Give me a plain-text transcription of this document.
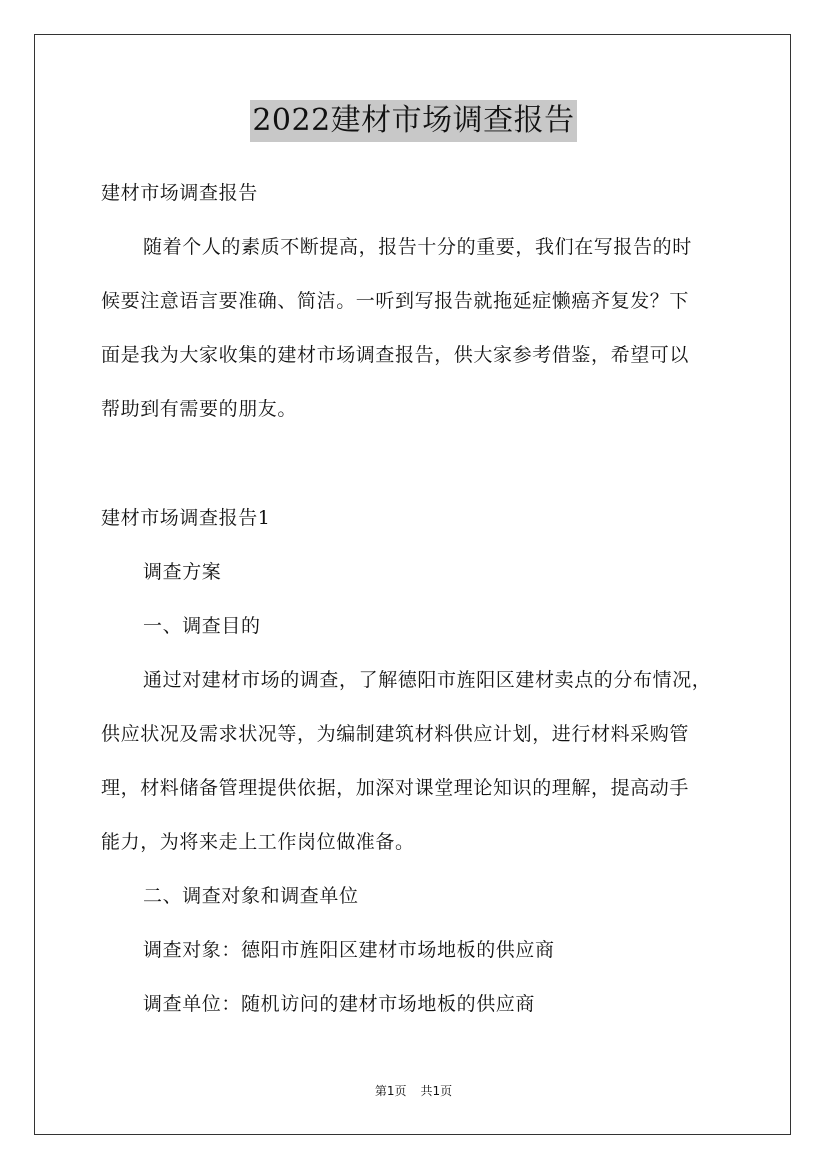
2022建材市场调查报告
建材市场调查报告
随着个人的素质不断提高，报告十分的重要，我们在写报告的时
候要注意语言要准确、简洁。一听到写报告就拖延症懒癌齐复发？下
面是我为大家收集的建材市场调查报告，供大家参考借鉴，希望可以
帮助到有需要的朋友。
建材市场调查报告1
调查方案
一、调查目的
通过对建材市场的调查，了解德阳市旌阳区建材卖点的分布情况，
供应状况及需求状况等，为编制建筑材料供应计划，进行材料采购管
理，材料储备管理提供依据，加深对课堂理论知识的理解，提高动手
能力，为将来走上工作岗位做准备。
二、调查对象和调查单位
调查对象：德阳市旌阳区建材市场地板的供应商
调查单位：随机访问的建材市场地板的供应商
第1页 共1页
